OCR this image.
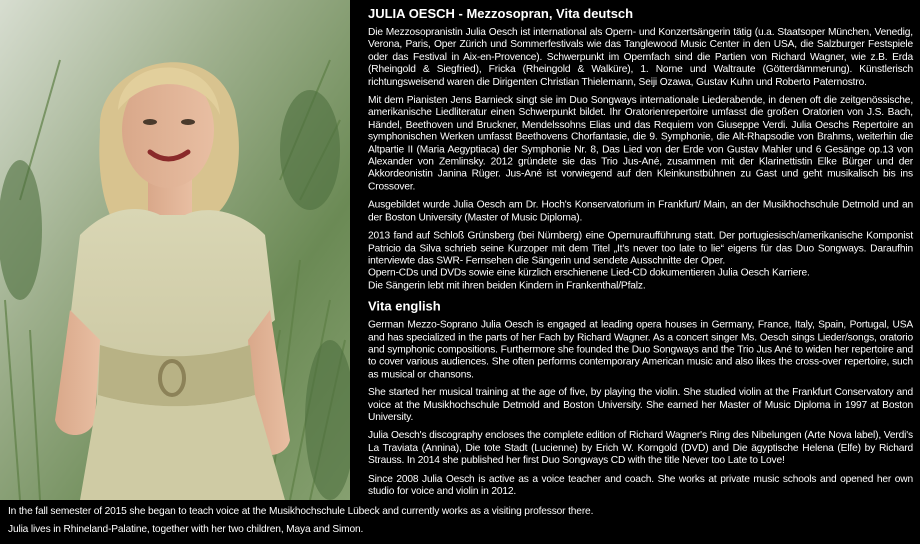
JULIA OESCH - Mezzosopran, Vita deutsch

Die Mezzosopranistin Julia Oesch ist international als Opern- und Konzertsängerin tätig (u.a. Staatsoper München, Venedig, Verona, Paris, Oper Zürich und Sommerfestivals wie das Tanglewood Music Center in den USA, die Salzburger Festspiele oder das Festival in Aix-en-Provence). Schwerpunkt im Opernfach sind die Partien von Richard Wagner, wie z.B. Erda (Rheingold & Siegfried), Fricka (Rheingold & Walküre), 1. Norne und Waltraute (Götterdämmerung). Künstlerisch richtungsweisend waren die Dirigenten Christian Thielemann, Seiji Ozawa, Gustav Kuhn und Roberto Paternostro.

Mit dem Pianisten Jens Barnieck singt sie im Duo Songways internationale Liederabende, in denen oft die zeitgenössische, amerikanische Liedliteratur einen Schwerpunkt bildet. Ihr Oratorienrepertoire umfasst die großen Oratorien von J.S. Bach, Händel, Beethoven und Bruckner, Mendelssohns Elias und das Requiem von Giuseppe Verdi. Julia Oeschs Repertoire an symphonischen Werken umfasst Beethovens Chorfantasie, die 9. Symphonie, die Alt-Rhapsodie von Brahms, weiterhin die Altpartie II (Maria Aegyptiaca) der Symphonie Nr. 8, Das Lied von der Erde von Gustav Mahler und 6 Gesänge op.13 von Alexander von Zemlinsky. 2012 gründete sie das Trio Jus-Ané, zusammen mit der Klarinettistin Elke Bürger und der Akkordeonistin Janina Rüger. Jus-Ané ist vorwiegend auf den Kleinkunstbühnen zu Gast und geht musikalisch bis ins Crossover.

Ausgebildet wurde Julia Oesch am Dr. Hoch's Konservatorium in Frankfurt/ Main, an der Musikhochschule Detmold und an der Boston University (Master of Music Diploma).

2013 fand auf Schloß Grünsberg (bei Nürnberg) eine Opernuraufführung statt. Der portugiesisch/amerikanische Komponist Patricio da Silva schrieb seine Kurzoper mit dem Titel „It's never too late to lie“ eigens für das Duo Songways. Daraufhin interviewte das SWR- Fernsehen die Sängerin und sendete Ausschnitte der Oper.

Opern-CDs und DVDs sowie eine kürzlich erschienene Lied-CD dokumentieren Julia Oesch Karriere.

Die Sängerin lebt mit ihren beiden Kindern in Frankenthal/Pfalz.

Vita english

German Mezzo-Soprano Julia Oesch is engaged at leading opera houses in Germany, France, Italy, Spain, Portugal, USA and has specialized in the parts of her Fach by Richard Wagner. As a concert singer Ms. Oesch sings Lieder/songs, oratorio and symphonic compositions. Furthermore she founded the Duo Songways and the Trio Jus Ané to widen her repertoire and to cover various audiences. She often performs contemporary American music and also likes the cross-over repertoire, such as musical or chansons.

She started her musical training at the age of five, by playing the violin. She studied violin at the Frankfurt Conservatory and voice at the Musikhochschule Detmold and Boston University. She earned her Master of Music Diploma in 1997 at Boston University.

Julia Oesch's discography encloses the complete edition of Richard Wagner's Ring des Nibelungen (Arte Nova label), Verdi's La Traviata (Annina), Die tote Stadt (Lucienne) by Erich W. Korngold (DVD) and Die ägyptische Helena (Elfe) by Richard Strauss. In 2014 she published her first Duo Songways CD with the title Never too Late to Love!

Since 2008 Julia Oesch is active as a voice teacher and coach. She works at private music schools and opened her own studio for voice and violin in 2012.

In the fall semester of 2015 she began to teach voice at the Musikhochschule Lübeck and currently works as a visiting professor there.

Julia lives in Rhineland-Palatine, together with her two children, Maya and Simon.
